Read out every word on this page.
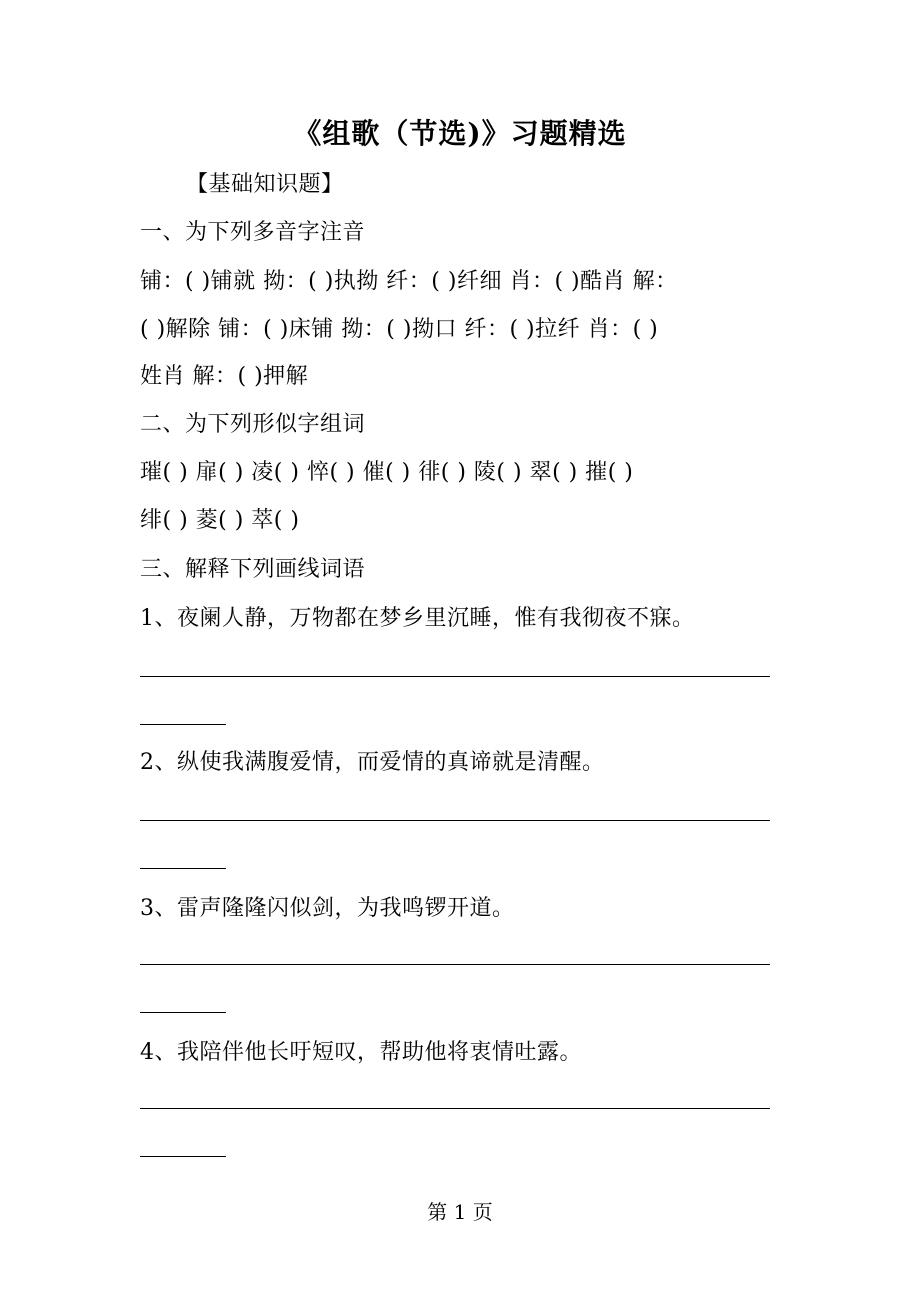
《组歌（节选)》习题精选
【基础知识题】
一、为下列多音字注音
铺：( )铺就 拗：( )执拗 纤：( )纤细 肖：( )酷肖 解：
( )解除 铺：( )床铺 拗：( )拗口 纤：( )拉纤 肖：( )
姓肖 解：( )押解
二、为下列形似字组词
璀( ) 扉( ) 凌( ) 悴( ) 催( ) 徘( ) 陵( ) 翠( ) 摧( )
绯( ) 菱( ) 萃( )
三、解释下列画线词语
1、夜阑人静，万物都在梦乡里沉睡，惟有我彻夜不寐。
2、纵使我满腹爱情，而爱情的真谛就是清醒。
3、雷声隆隆闪似剑，为我鸣锣开道。
4、我陪伴他长吁短叹，帮助他将衷情吐露。
第 1 页
